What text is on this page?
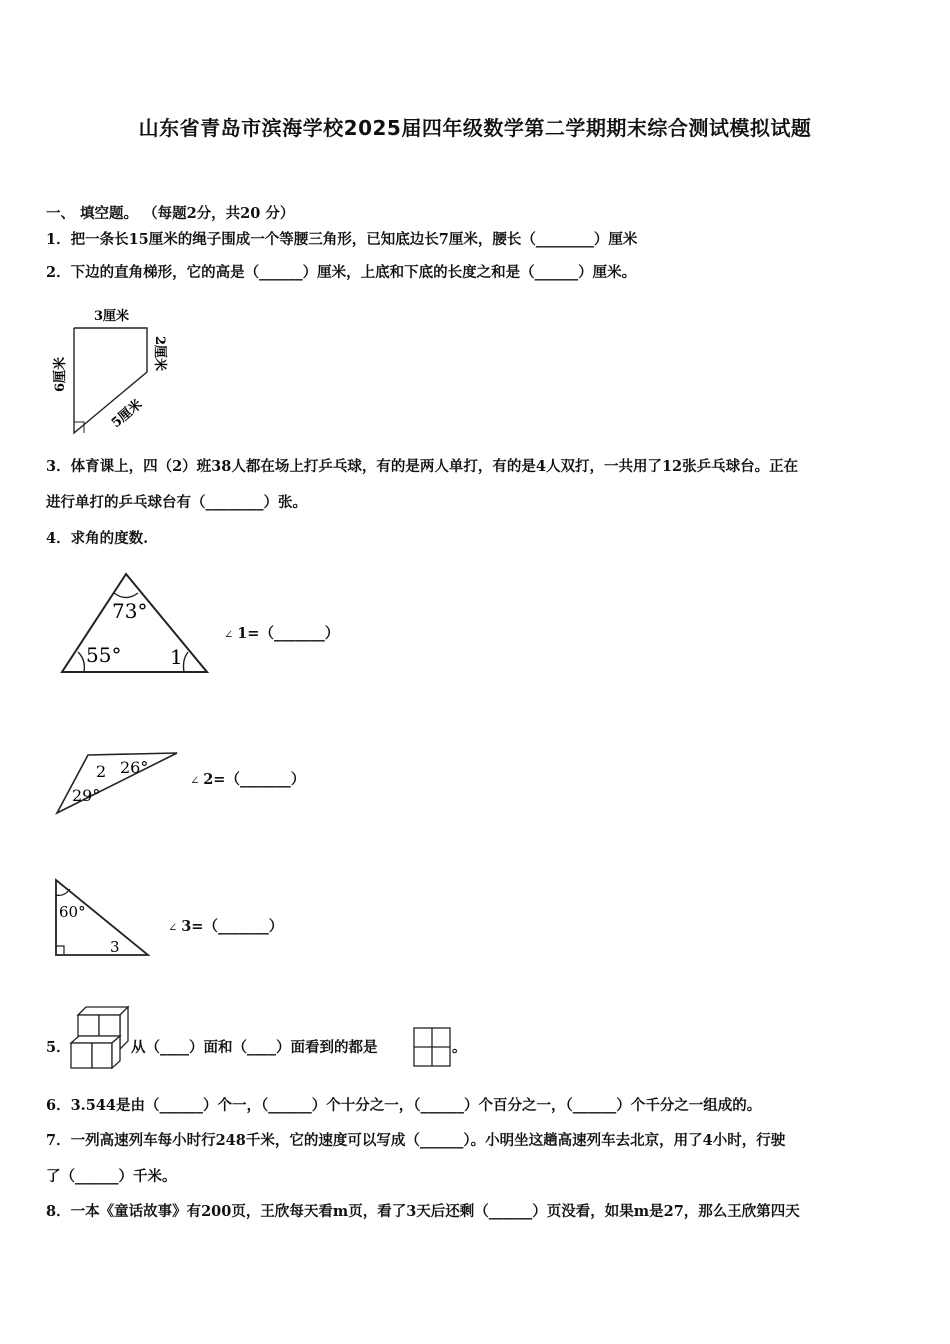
山东省青岛市滨海学校2025届四年级数学第二学期期末综合测试模拟试题
一、 填空题。 （每题2分，共20 分）
1．把一条长15厘米的绳子围成一个等腰三角形，已知底边长7厘米，腰长（________）厘米
2．下边的直角梯形，它的高是（______）厘米，上底和下底的长度之和是（______）厘米。
3厘米
6厘米
2厘米
5厘米
3．体育课上，四（2）班38人都在场上打乒乓球，有的是两人单打，有的是4人双打，一共用了12张乒乓球台。正在
进行单打的乒乓球台有（________）张。
4．求角的度数.
73°
55° 1
∠ 1=（_______）
2 26°
29°
∠ 2=（_______）
60°
3
∠ 3=（_______）
5．	从（____）面和（____）面看到的都是	。
6．3.544是由（______）个一，（______）个十分之一，（______）个百分之一，（______）个千分之一组成的。
7．一列高速列车每小时行248千米，它的速度可以写成（______）。小明坐这趟高速列车去北京，用了4小时，行驶
了（______）千米。
8．一本《童话故事》有200页，王欣每天看m页，看了3天后还剩（______）页没看，如果m是27，那么王欣第四天
